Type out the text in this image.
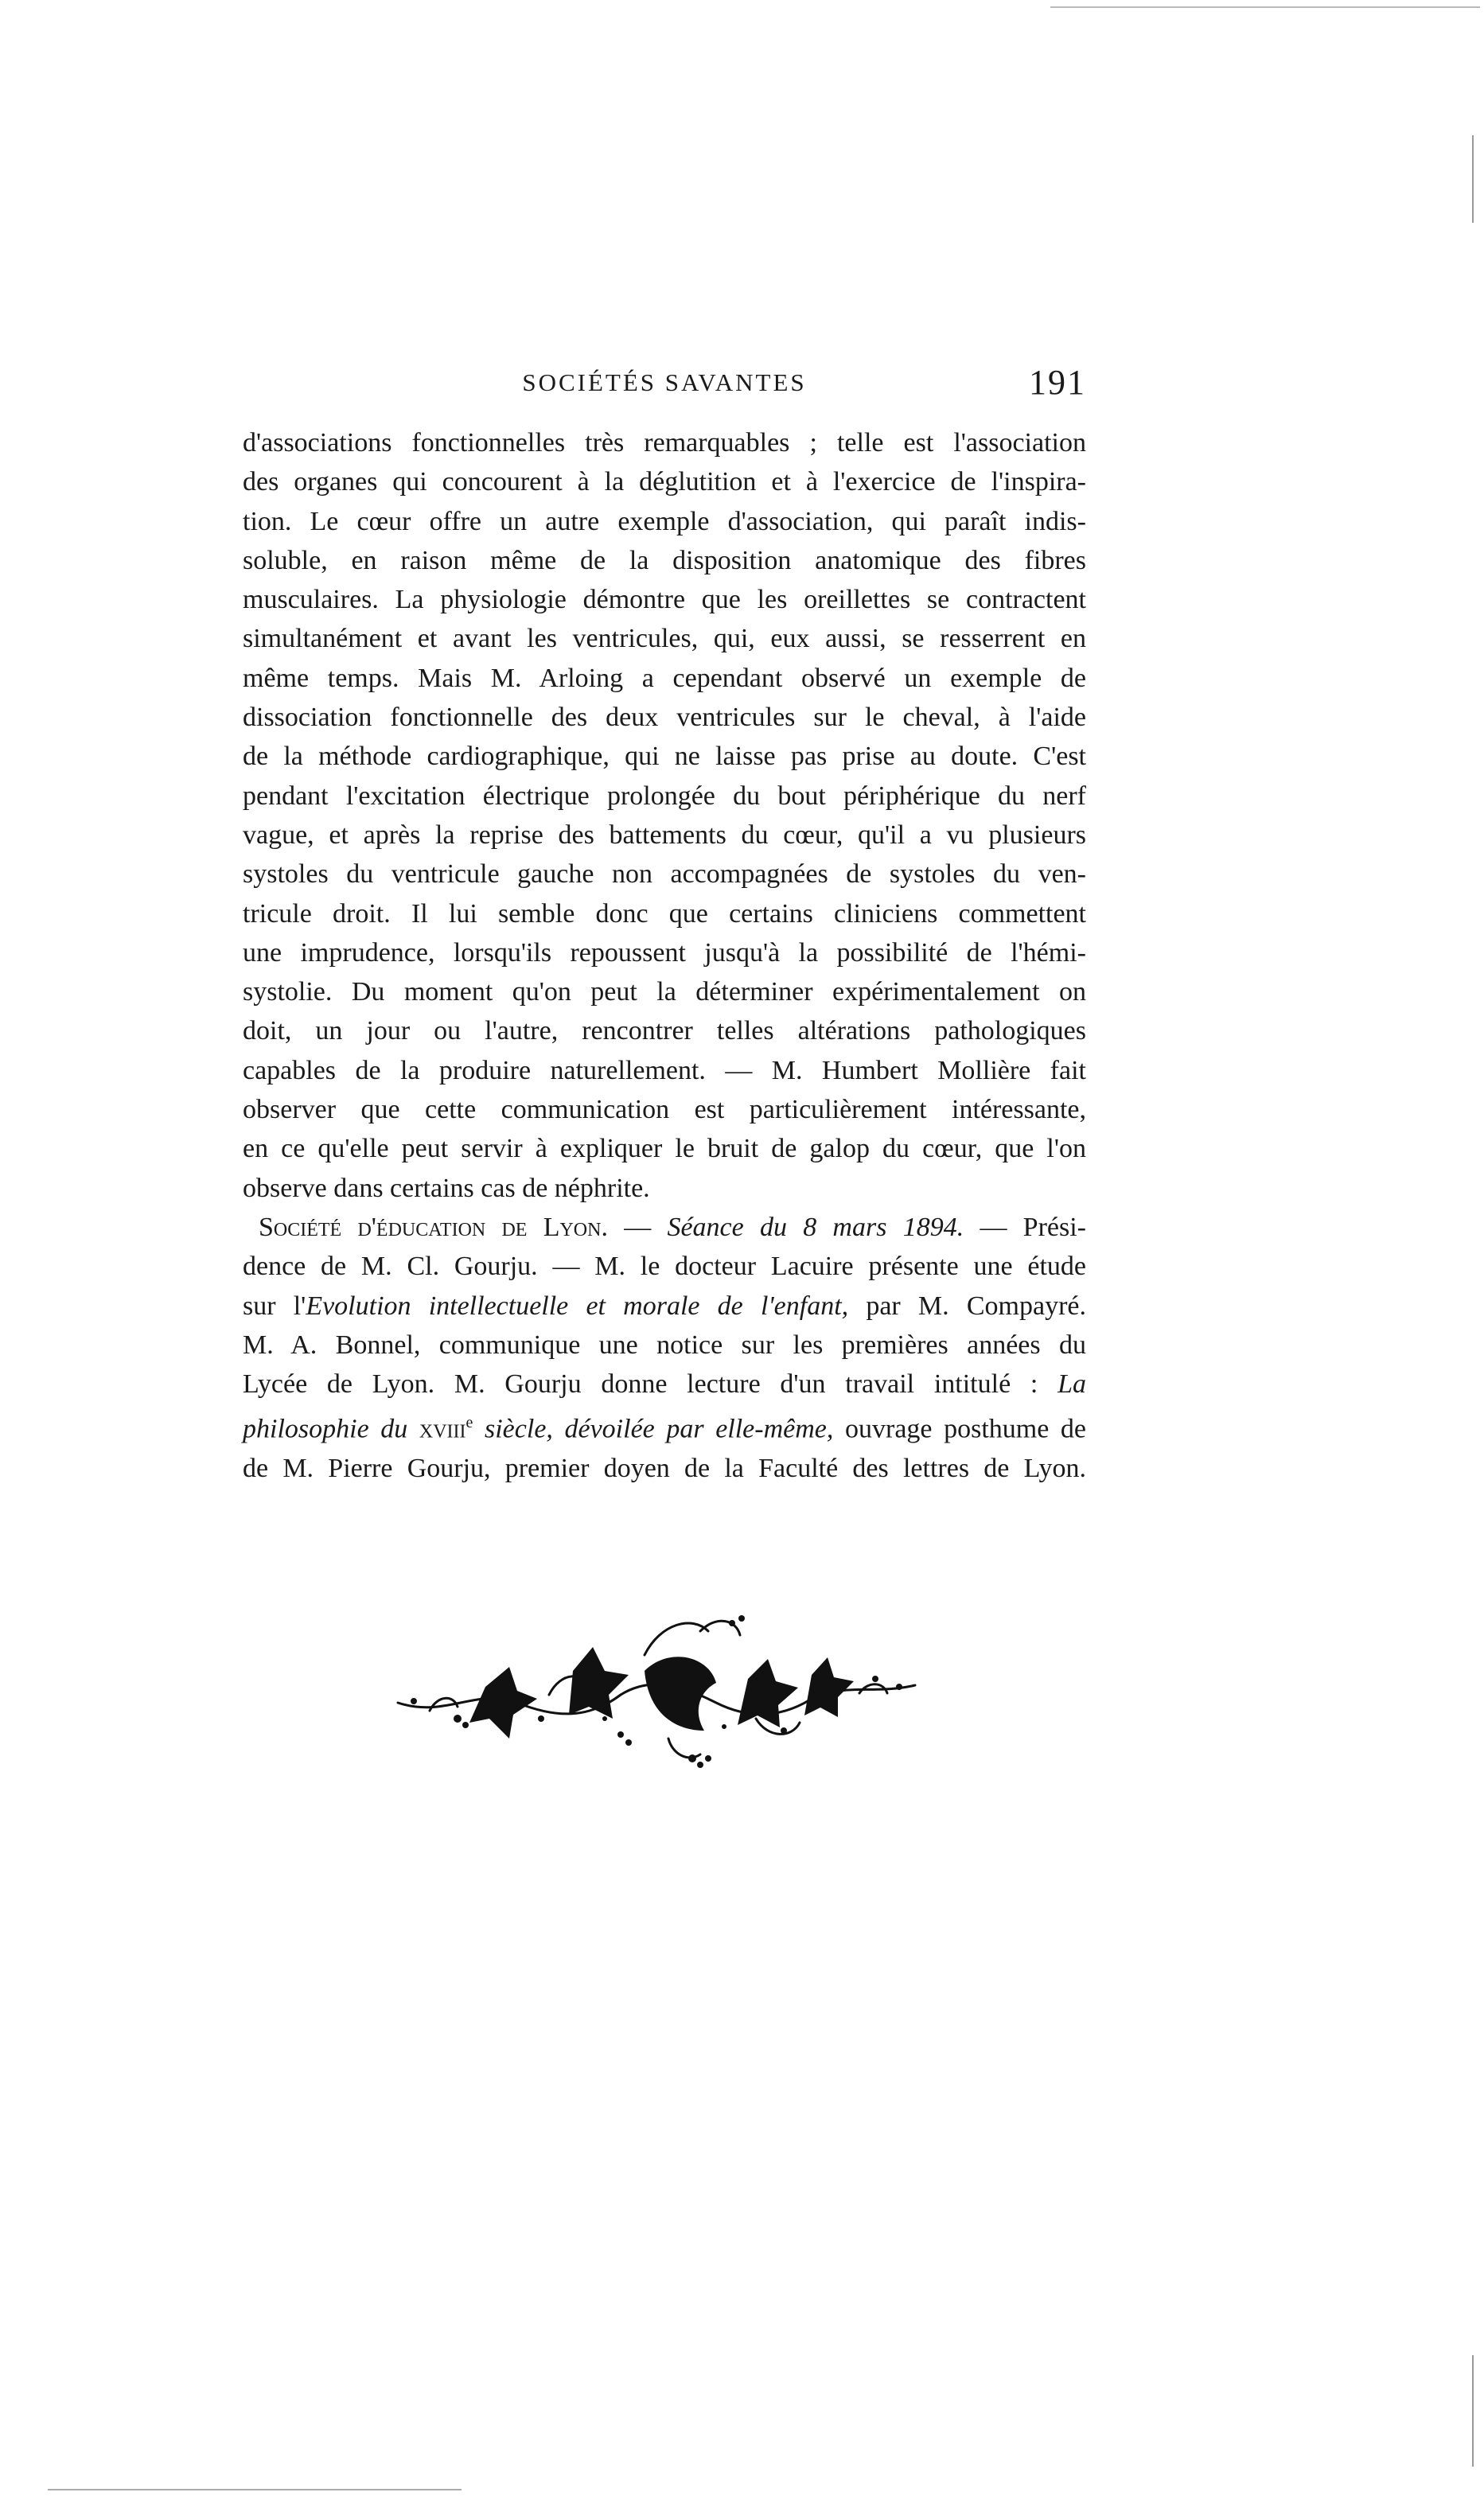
SOCIÉTÉS SAVANTES	191

d'associations fonctionnelles très remarquables ; telle est l'association
des organes qui concourent à la déglutition et à l'exercice de l'inspira-
tion. Le cœur offre un autre exemple d'association, qui paraît indis-
soluble, en raison même de la disposition anatomique des fibres
musculaires. La physiologie démontre que les oreillettes se contractent
simultanément et avant les ventricules, qui, eux aussi, se resserrent en
même temps. Mais M. Arloing a cependant observé un exemple de
dissociation fonctionnelle des deux ventricules sur le cheval, à l'aide
de la méthode cardiographique, qui ne laisse pas prise au doute. C'est
pendant l'excitation électrique prolongée du bout périphérique du nerf
vague, et après la reprise des battements du cœur, qu'il a vu plusieurs
systoles du ventricule gauche non accompagnées de systoles du ven-
tricule droit. Il lui semble donc que certains cliniciens commettent
une imprudence, lorsqu'ils repoussent jusqu'à la possibilité de l'hémi-
systolie. Du moment qu'on peut la déterminer expérimentalement on
doit, un jour ou l'autre, rencontrer telles altérations pathologiques
capables de la produire naturellement. — M. Humbert Mollière fait
observer que cette communication est particulièrement intéressante,
en ce qu'elle peut servir à expliquer le bruit de galop du cœur, que l'on
observe dans certains cas de néphrite.

Société d'éducation de Lyon. — Séance du 8 mars 1894. — Prési-
dence de M. Cl. Gourju. — M. le docteur Lacuire présente une étude
sur l'Evolution intellectuelle et morale de l'enfant, par M. Compayré.
M. A. Bonnel, communique une notice sur les premières années du
Lycée de Lyon. M. Gourju donne lecture d'un travail intitulé : La
philosophie du xviii$^e$ siècle, dévoilée par elle-même, ouvrage posthume de
de M. Pierre Gourju, premier doyen de la Faculté des lettres de Lyon.
